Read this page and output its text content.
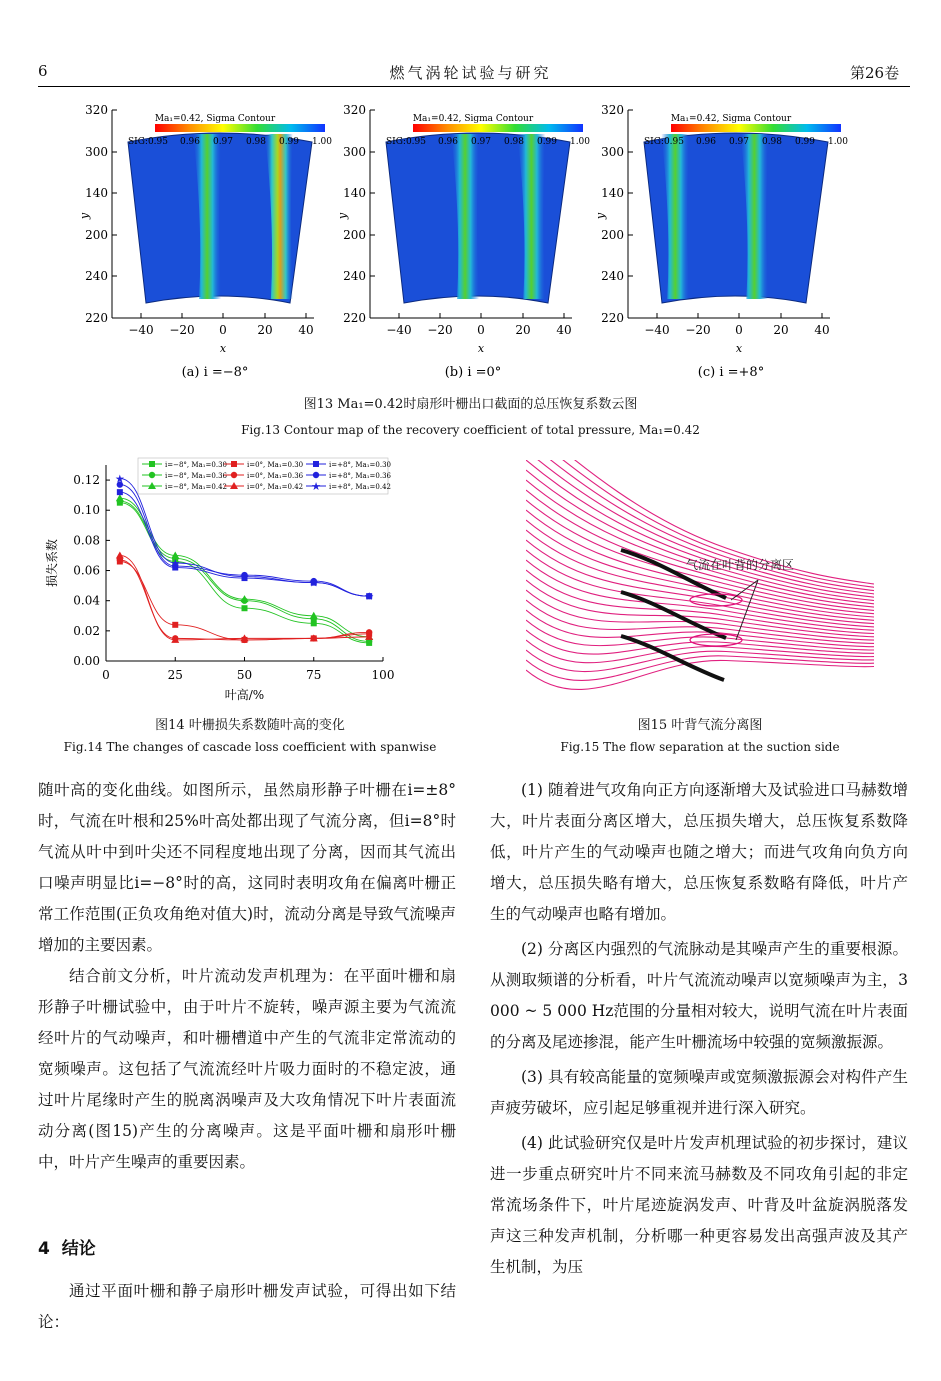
6	燃气涡轮试验与研究	第26卷
320
300
140
200
240
220
−40 −20 0	20 40
x
y
Ma₁=0.42, Sigma Contour
SIG:0.95 0.96 0.97 0.98 0.99 1.00
(a) i =−8°
320
300
140
200
240
220
−40 −20 0	20 40
x
y
Ma₁=0.42, Sigma Contour
SIG:0.95 0.96 0.97 0.98 0.99 1.00
(b) i =0°
320
300
140
200
240
220
−40 −20 0	20 40
x
y
Ma₁=0.42, Sigma Contour
SIG:0.95 0.96 0.97 0.98 0.99 1.00
(c) i =+8°
图13 Ma₁=0.42时扇形叶栅出口截面的总压恢复系数云图
Fig.13 Contour map of the recovery coefficient of total pressure, Ma₁=0.42
0.00
0.02
0.04
0.06
0.08
0.10
0.12
0	25	50	75	100
叶高/%
损失系数
★
★
★	★
★
i=−8°, Ma₁=0.30
i=−8°, Ma₁=0.36
i=−8°, Ma₁=0.42
i=0°, Ma₁=0.30
i=0°, Ma₁=0.36
i=0°, Ma₁=0.42
i=+8°, Ma₁=0.30
i=+8°, Ma₁=0.36
★ i=+8°, Ma₁=0.42
图14 叶栅损失系数随叶高的变化
Fig.14 The changes of cascade loss coefficient with spanwise
气流在叶背的分离区
图15 叶背气流分离图
Fig.15 The flow separation at the suction side

随叶高的变化曲线。如图所示，虽然扇形静子叶栅在i=±8°时，气流在叶根和25%叶高处都出现了气流分离，但i=8°时气流从叶中到叶尖还不同程度地出现了分离，因而其气流出口噪声明显比i=−8°时的高，这同时表明攻角在偏离叶栅正常工作范围(正负攻角绝对值大)时，流动分离是导致气流噪声增加的主要因素。

结合前文分析，叶片流动发声机理为：在平面叶栅和扇形静子叶栅试验中，由于叶片不旋转，噪声源主要为气流流经叶片的气动噪声，和叶栅槽道中产生的气流非定常流动的宽频噪声。这包括了气流流经叶片吸力面时的不稳定波，通过叶片尾缘时产生的脱离涡噪声及大攻角情况下叶片表面流动分离(图15)产生的分离噪声。这是平面叶栅和扇形叶栅中，叶片产生噪声的重要因素。

4 结论

通过平面叶栅和静子扇形叶栅发声试验，可得出如下结论：

(1) 随着进气攻角向正方向逐渐增大及试验进口马赫数增大，叶片表面分离区增大，总压损失增大，总压恢复系数降低，叶片产生的气动噪声也随之增大；而进气攻角向负方向增大，总压损失略有增大，总压恢复系数略有降低，叶片产生的气动噪声也略有增加。

(2) 分离区内强烈的气流脉动是其噪声产生的重要根源。从测取频谱的分析看，叶片气流流动噪声以宽频噪声为主，3 000 ~ 5 000 Hz范围的分量相对较大，说明气流在叶片表面的分离及尾迹掺混，能产生叶栅流场中较强的宽频激振源。

(3) 具有较高能量的宽频噪声或宽频激振源会对构件产生声疲劳破坏，应引起足够重视并进行深入研究。

(4) 此试验研究仅是叶片发声机理试验的初步探讨，建议进一步重点研究叶片不同来流马赫数及不同攻角引起的非定常流场条件下，叶片尾迹旋涡发声、叶背及叶盆旋涡脱落发声这三种发声机制，分析哪一种更容易发出高强声波及其产生机制，为压
